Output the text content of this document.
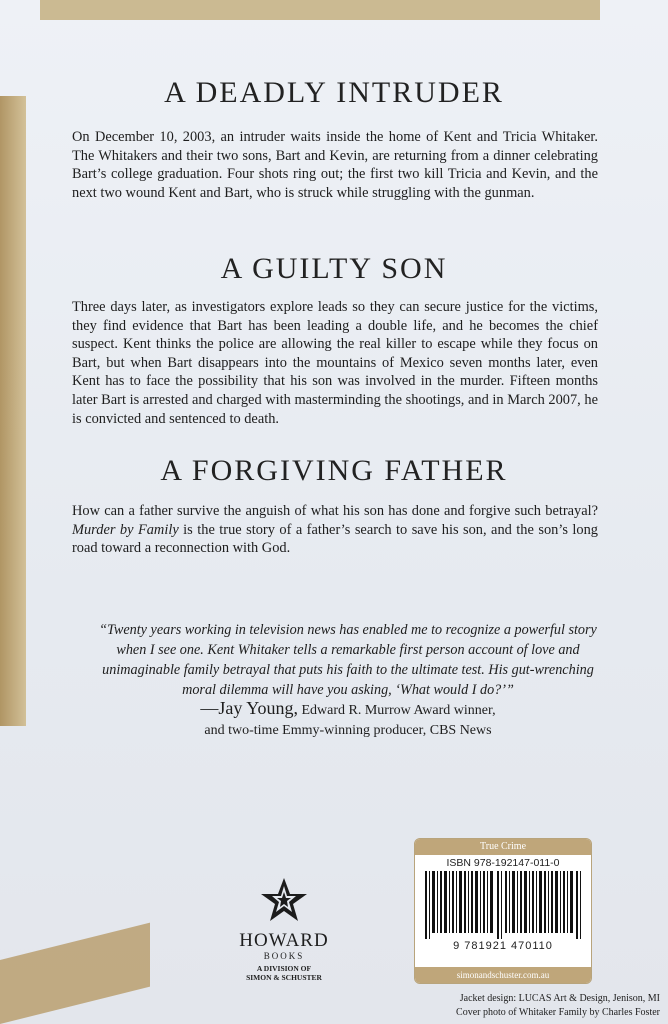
A DEADLY INTRUDER

On December 10, 2003, an intruder waits inside the home of Kent and Tricia Whitaker. The Whitakers and their two sons, Bart and Kevin, are returning from a dinner celebrating Bart’s college graduation. Four shots ring out; the first two kill Tricia and Kevin, and the next two wound Kent and Bart, who is struck while struggling with the gunman.

A GUILTY SON

Three days later, as investigators explore leads so they can secure justice for the victims, they find evidence that Bart has been leading a double life, and he becomes the chief suspect. Kent thinks the police are allowing the real killer to escape while they focus on Bart, but when Bart disappears into the mountains of Mexico seven months later, even Kent has to face the possibility that his son was involved in the murder. Fifteen months later Bart is arrested and charged with masterminding the shootings, and in March 2007, he is convicted and sentenced to death.

A FORGIVING FATHER

How can a father survive the anguish of what his son has done and forgive such betrayal? Murder by Family is the true story of a father’s search to save his son, and the son’s long road toward a reconnection with God.

“Twenty years working in television news has enabled me to recognize a powerful story when I see one. Kent Whitaker tells a remarkable first person account of love and unimaginable family betrayal that puts his faith to the ultimate test. His gut-wrenching moral dilemma will have you asking, ‘What would I do?’”

—Jay Young, Edward R. Murrow Award winner,
and two-time Emmy-winning producer, CBS News
HOWARD
BOOKS
A DIVISION OF
SIMON & SCHUSTER
True Crime
ISBN 978-192147-011-0
9 781921 470110
simonandschuster.com.au
Jacket design: LUCAS Art & Design, Jenison, MI
Cover photo of Whitaker Family by Charles Foster
